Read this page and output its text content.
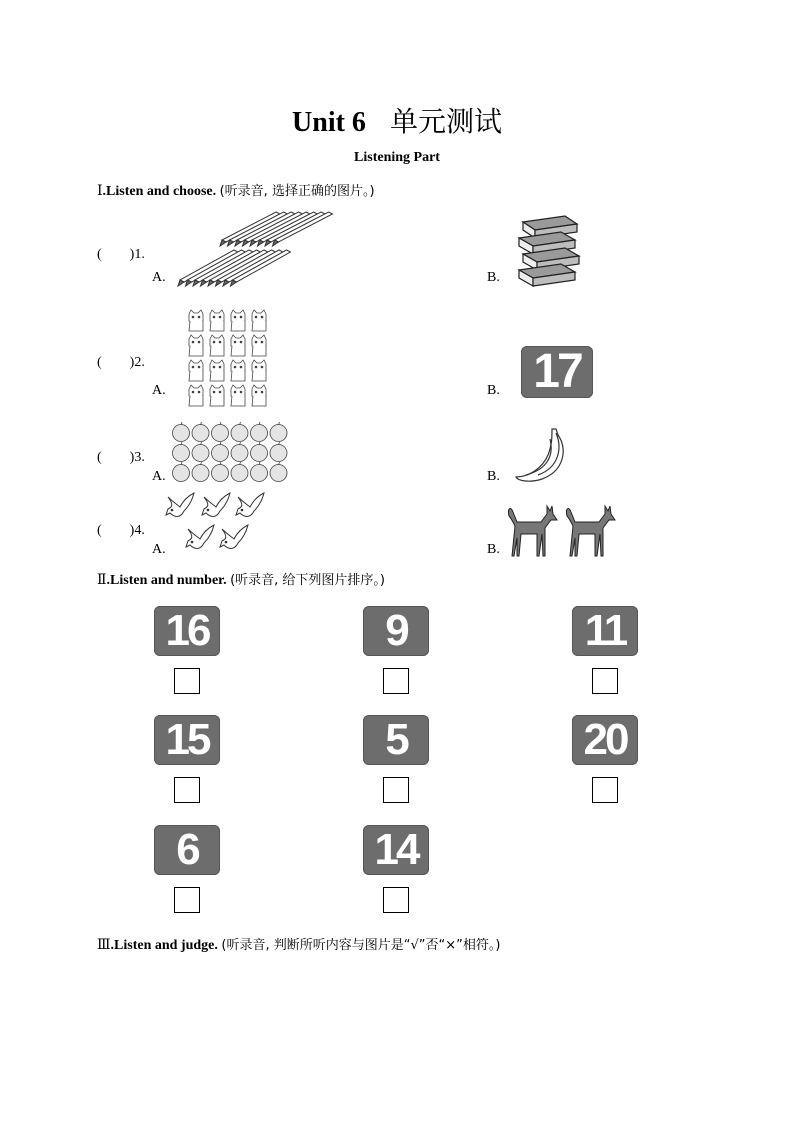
Unit 6 单元测试
Listening Part
Ⅰ.Listen and choose. (听录音, 选择正确的图片。)
(　　)1.
A.	B.
(　　)2.
A.	B. 17
(　　)3.
A.	B.
(　　)4.
A.	B.
Ⅱ.Listen and number. (听录音, 给下列图片排序。)
16	9	11
15	5	20
6	14
Ⅲ.Listen and judge. (听录音, 判断所听内容与图片是“√”否“×”相符。)
